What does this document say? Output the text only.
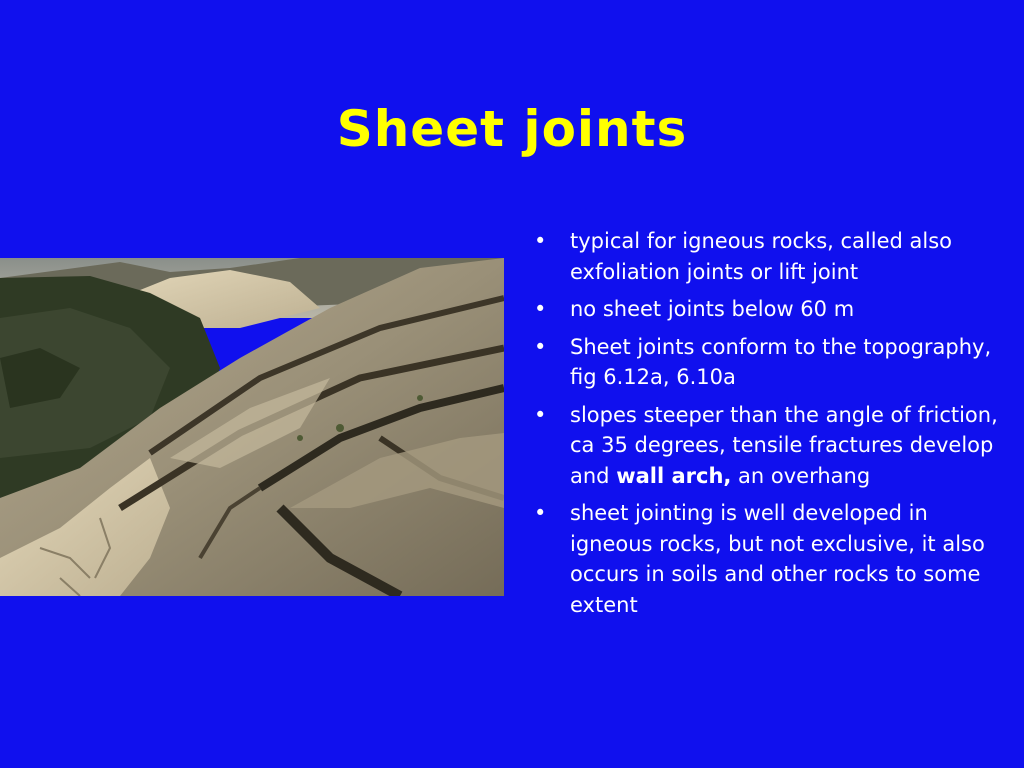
Sheet joints
• typical for igneous rocks, called also exfoliation joints or lift joint
• no sheet joints below 60 m
• Sheet joints conform to the topography, fig 6.12a, 6.10a
• slopes steeper than the angle of friction, ca 35 degrees, tensile fractures develop and wall arch, an overhang
• sheet jointing is well developed in igneous rocks, but not exclusive, it also occurs in soils and other rocks to some extent
